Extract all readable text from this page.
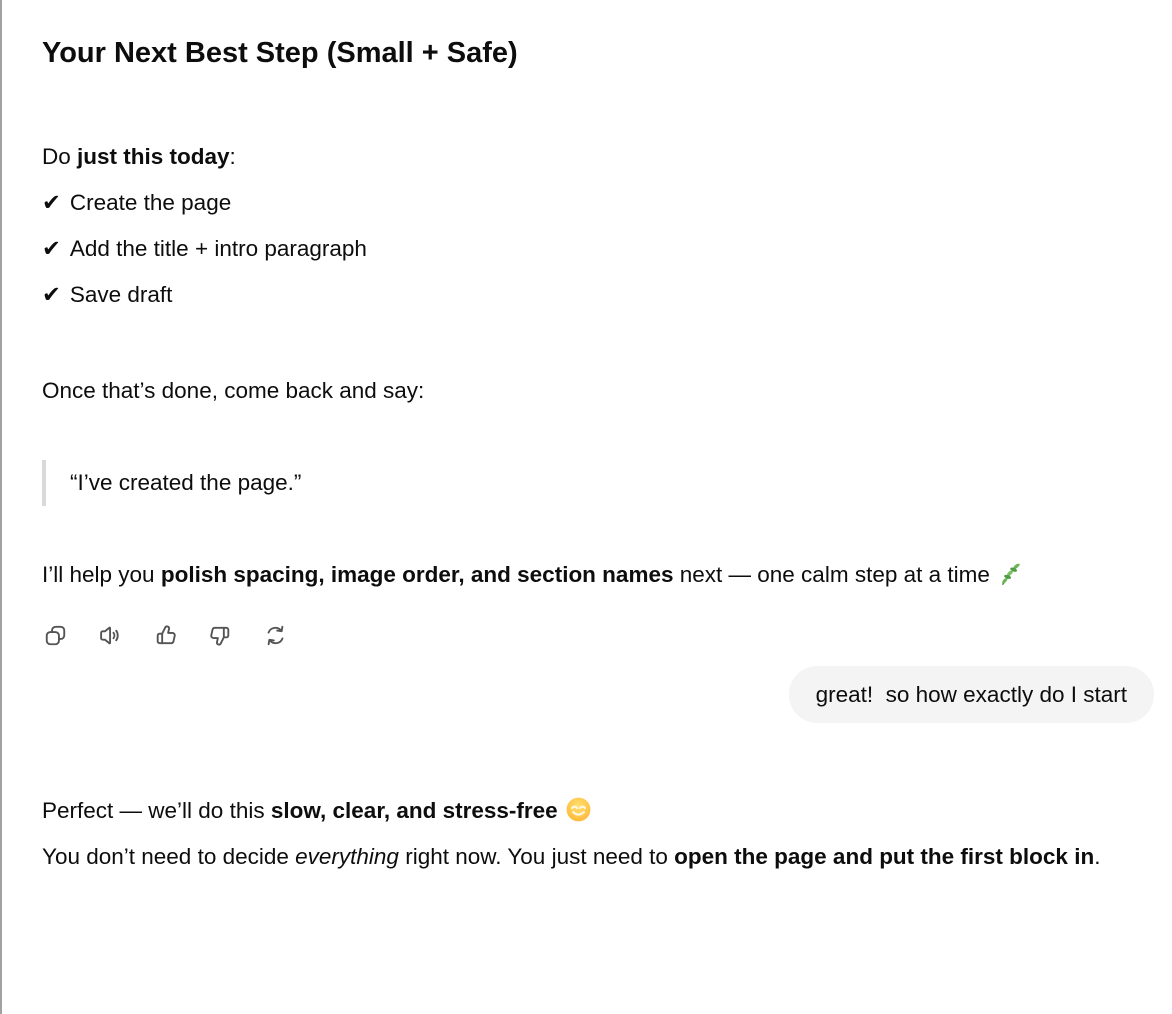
Your Next Best Step (Small + Safe)
Do just this today:
✔ Create the page
✔ Add the title + intro paragraph
✔ Save draft

Once that’s done, come back and say:

“I’ve created the page.”

I’ll help you polish spacing, image order, and section names next — one calm step at a time

great!  so how exactly do I start
Perfect — we’ll do this slow, clear, and stress-free
You don’t need to decide everything right now. You just need to open the page and put the first block in.
